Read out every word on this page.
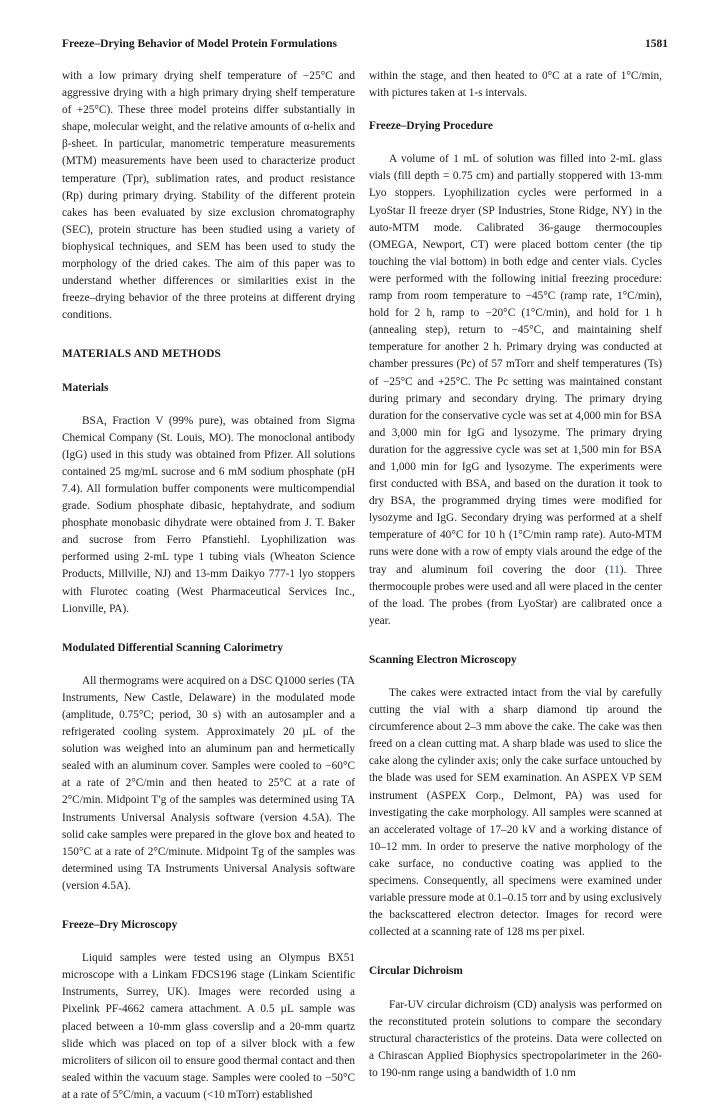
Freeze–Drying Behavior of Model Protein Formulations	1581

with a low primary drying shelf temperature of −25°C and aggressive drying with a high primary drying shelf temperature of +25°C). These three model proteins differ substantially in shape, molecular weight, and the relative amounts of α-helix and β-sheet. In particular, manometric temperature measurements (MTM) measurements have been used to characterize product temperature (Tpr), sublimation rates, and product resistance (Rp) during primary drying. Stability of the different protein cakes has been evaluated by size exclusion chromatography (SEC), protein structure has been studied using a variety of biophysical techniques, and SEM has been used to study the morphology of the dried cakes. The aim of this paper was to understand whether differences or similarities exist in the freeze–drying behavior of the three proteins at different drying conditions.

MATERIALS AND METHODS

Materials

BSA, Fraction V (99% pure), was obtained from Sigma Chemical Company (St. Louis, MO). The monoclonal antibody (IgG) used in this study was obtained from Pfizer. All solutions contained 25 mg/mL sucrose and 6 mM sodium phosphate (pH 7.4). All formulation buffer components were multicompendial grade. Sodium phosphate dibasic, heptahydrate, and sodium phosphate monobasic dihydrate were obtained from J. T. Baker and sucrose from Ferro Pfanstiehl. Lyophilization was performed using 2-mL type 1 tubing vials (Wheaton Science Products, Millville, NJ) and 13-mm Daikyo 777-1 lyo stoppers with Flurotec coating (West Pharmaceutical Services Inc., Lionville, PA).

Modulated Differential Scanning Calorimetry

All thermograms were acquired on a DSC Q1000 series (TA Instruments, New Castle, Delaware) in the modulated mode (amplitude, 0.75°C; period, 30 s) with an autosampler and a refrigerated cooling system. Approximately 20 µL of the solution was weighed into an aluminum pan and hermetically sealed with an aluminum cover. Samples were cooled to −60°C at a rate of 2°C/min and then heated to 25°C at a rate of 2°C/min. Midpoint T′g of the samples was determined using TA Instruments Universal Analysis software (version 4.5A). The solid cake samples were prepared in the glove box and heated to 150°C at a rate of 2°C/minute. Midpoint Tg of the samples was determined using TA Instruments Universal Analysis software (version 4.5A).

Freeze–Dry Microscopy

Liquid samples were tested using an Olympus BX51 microscope with a Linkam FDCS196 stage (Linkam Scientific Instruments, Surrey, UK). Images were recorded using a Pixelink PF-4662 camera attachment. A 0.5 µL sample was placed between a 10-mm glass coverslip and a 20-mm quartz slide which was placed on top of a silver block with a few microliters of silicon oil to ensure good thermal contact and then sealed within the vacuum stage. Samples were cooled to −50°C at a rate of 5°C/min, a vacuum (<10 mTorr) established

within the stage, and then heated to 0°C at a rate of 1°C/min, with pictures taken at 1-s intervals.

Freeze–Drying Procedure

A volume of 1 mL of solution was filled into 2-mL glass vials (fill depth = 0.75 cm) and partially stoppered with 13-mm Lyo stoppers. Lyophilization cycles were performed in a LyoStar II freeze dryer (SP Industries, Stone Ridge, NY) in the auto-MTM mode. Calibrated 36-gauge thermocouples (OMEGA, Newport, CT) were placed bottom center (the tip touching the vial bottom) in both edge and center vials. Cycles were performed with the following initial freezing procedure: ramp from room temperature to −45°C (ramp rate, 1°C/min), hold for 2 h, ramp to −20°C (1°C/min), and hold for 1 h (annealing step), return to −45°C, and maintaining shelf temperature for another 2 h. Primary drying was conducted at chamber pressures (Pc) of 57 mTorr and shelf temperatures (Ts) of −25°C and +25°C. The Pc setting was maintained constant during primary and secondary drying. The primary drying duration for the conservative cycle was set at 4,000 min for BSA and 3,000 min for IgG and lysozyme. The primary drying duration for the aggressive cycle was set at 1,500 min for BSA and 1,000 min for IgG and lysozyme. The experiments were first conducted with BSA, and based on the duration it took to dry BSA, the programmed drying times were modified for lysozyme and IgG. Secondary drying was performed at a shelf temperature of 40°C for 10 h (1°C/min ramp rate). Auto-MTM runs were done with a row of empty vials around the edge of the tray and aluminum foil covering the door (11). Three thermocouple probes were used and all were placed in the center of the load. The probes (from LyoStar) are calibrated once a year.

Scanning Electron Microscopy

The cakes were extracted intact from the vial by carefully cutting the vial with a sharp diamond tip around the circumference about 2–3 mm above the cake. The cake was then freed on a clean cutting mat. A sharp blade was used to slice the cake along the cylinder axis; only the cake surface untouched by the blade was used for SEM examination. An ASPEX VP SEM instrument (ASPEX Corp., Delmont, PA) was used for investigating the cake morphology. All samples were scanned at an accelerated voltage of 17–20 kV and a working distance of 10–12 mm. In order to preserve the native morphology of the cake surface, no conductive coating was applied to the specimens. Consequently, all specimens were examined under variable pressure mode at 0.1–0.15 torr and by using exclusively the backscattered electron detector. Images for record were collected at a scanning rate of 128 ms per pixel.

Circular Dichroism

Far-UV circular dichroism (CD) analysis was performed on the reconstituted protein solutions to compare the secondary structural characteristics of the proteins. Data were collected on a Chirascan Applied Biophysics spectropolarimeter in the 260- to 190-nm range using a bandwidth of 1.0 nm
